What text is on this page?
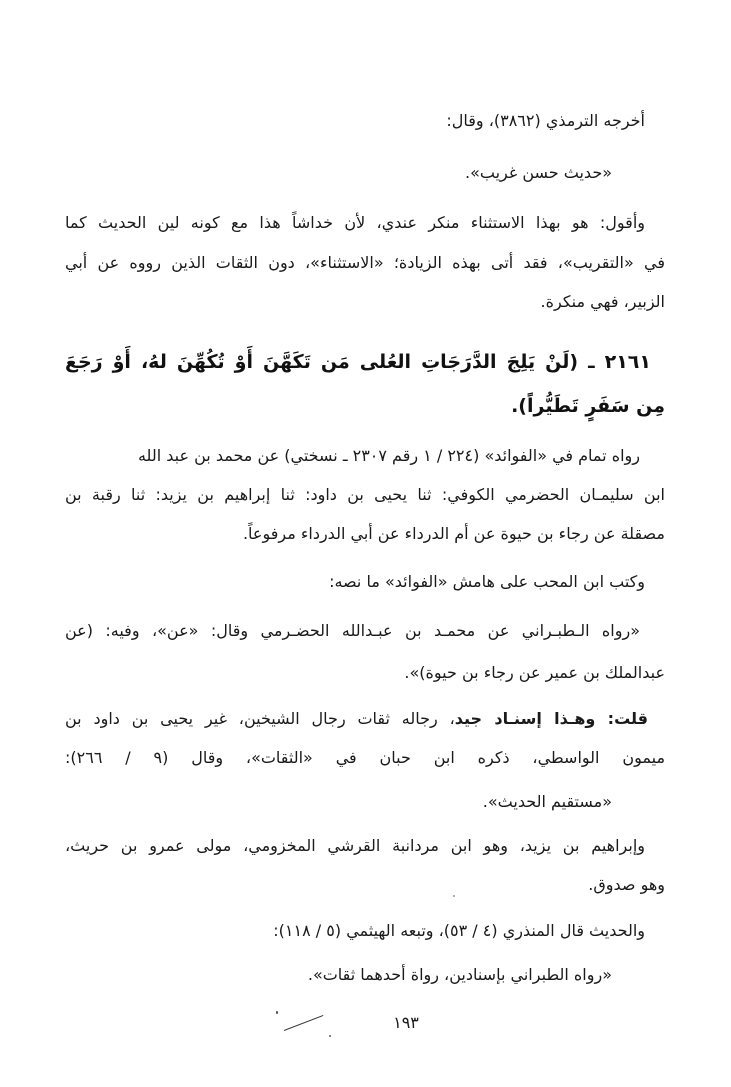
أخرجه الترمذي (٣٨٦٢)، وقال:
«حديث حسن غريب».
وأقول: هو بهذا الاستثناء منكر عندي، لأن خداشاً هذا مع كونه لين الحديث كما
في «التقريب»، فقد أتى بهذه الزيادة؛ «الاستثناء»، دون الثقات الذين رووه عن أبي
الزبير، فهي منكرة.
٢١٦١ ـ (لَنْ يَلِجَ الدَّرَجَاتِ العُلى مَن تَكَهَّنَ أَوْ تُكُهِّنَ لهُ، أَوْ رَجَعَ
مِن سَفَرٍ تَطَيُّراً).
رواه تمام في «الفوائد» (٢٢٤‏ / ١ رقم ٢٣٠٧ ـ نسختي) عن محمد بن عبد الله
ابن سليمـان الحضرمي الكوفي: ثنا يحيى بن داود: ثنا إبراهيم بن يزيد: ثنا رقبة بن
مصقلة عن رجاء بن حيوة عن أم الدرداء عن أبي الدرداء مرفوعاً.
وكتب ابن المحب على هامش «الفوائد» ما نصه:
«رواه الـطبـراني عن محمـد بن عبـدالله الحضـرمي وقال: «عن»، وفيه: (عن
عبدالملك بن عمير عن رجاء بن حيوة)».
قلت: وهـذا إسنـاد جيد، رجاله ثقات رجال الشيخين، غير يحيى بن داود بن
ميمون الواسطي، ذكره ابن حبان في «الثقات»، وقال (٩‏ / ٢٦٦):
«مستقيم الحديث».
وإبراهيم بن يزيد، وهو ابن مردانبة القرشي المخزومي، مولى عمرو بن حريث،
وهو صدوق.
والحديث قال المنذري (٤‏ / ٥٣)، وتبعه الهيثمي (٥‏ / ١١٨):
«رواه الطبراني بإسنادين، رواة أحدهما ثقات».
١٩٣
